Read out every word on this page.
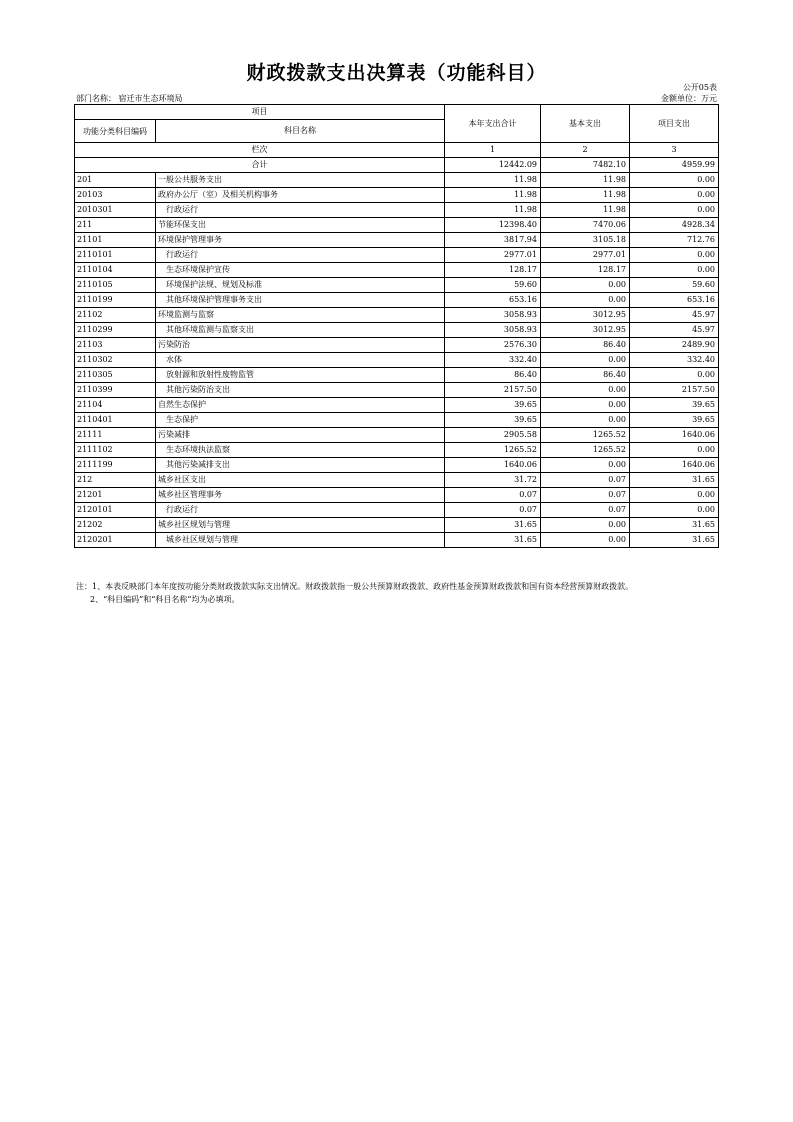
财政拨款支出决算表（功能科目）
公开05表
部门名称： 宿迁市生态环境局	金额单位：万元
项目		本年支出合计	基本支出	项目支出
功能分类科目编码	科目名称			
栏次		1	2	3
合计		12442.09	7482.10	4959.99
201	一般公共服务支出	11.98	11.98	0.00
20103	政府办公厅（室）及相关机构事务	11.98	11.98	0.00
2010301	行政运行	11.98	11.98	0.00
211	节能环保支出	12398.40	7470.06	4928.34
21101	环境保护管理事务	3817.94	3105.18	712.76
2110101	行政运行	2977.01	2977.01	0.00
2110104	生态环境保护宣传	128.17	128.17	0.00
2110105	环境保护法规、规划及标准	59.60	0.00	59.60
2110199	其他环境保护管理事务支出	653.16	0.00	653.16
21102	环境监测与监察	3058.93	3012.95	45.97
2110299	其他环境监测与监察支出	3058.93	3012.95	45.97
21103	污染防治	2576.30	86.40	2489.90
2110302	水体	332.40	0.00	332.40
2110305	放射源和放射性废物监管	86.40	86.40	0.00
2110399	其他污染防治支出	2157.50	0.00	2157.50
21104	自然生态保护	39.65	0.00	39.65
2110401	生态保护	39.65	0.00	39.65
21111	污染减排	2905.58	1265.52	1640.06
2111102	生态环境执法监察	1265.52	1265.52	0.00
2111199	其他污染减排支出	1640.06	0.00	1640.06
212	城乡社区支出	31.72	0.07	31.65
21201	城乡社区管理事务	0.07	0.07	0.00
2120101	行政运行	0.07	0.07	0.00
21202	城乡社区规划与管理	31.65	0.00	31.65
2120201	城乡社区规划与管理	31.65	0.00	31.65
注：1、本表反映部门本年度按功能分类财政拨款实际支出情况。财政拨款指一般公共预算财政拨款、政府性基金预算财政拨款和国有资本经营预算财政拨款。
2、“科目编码”和“科目名称”均为必填项。
